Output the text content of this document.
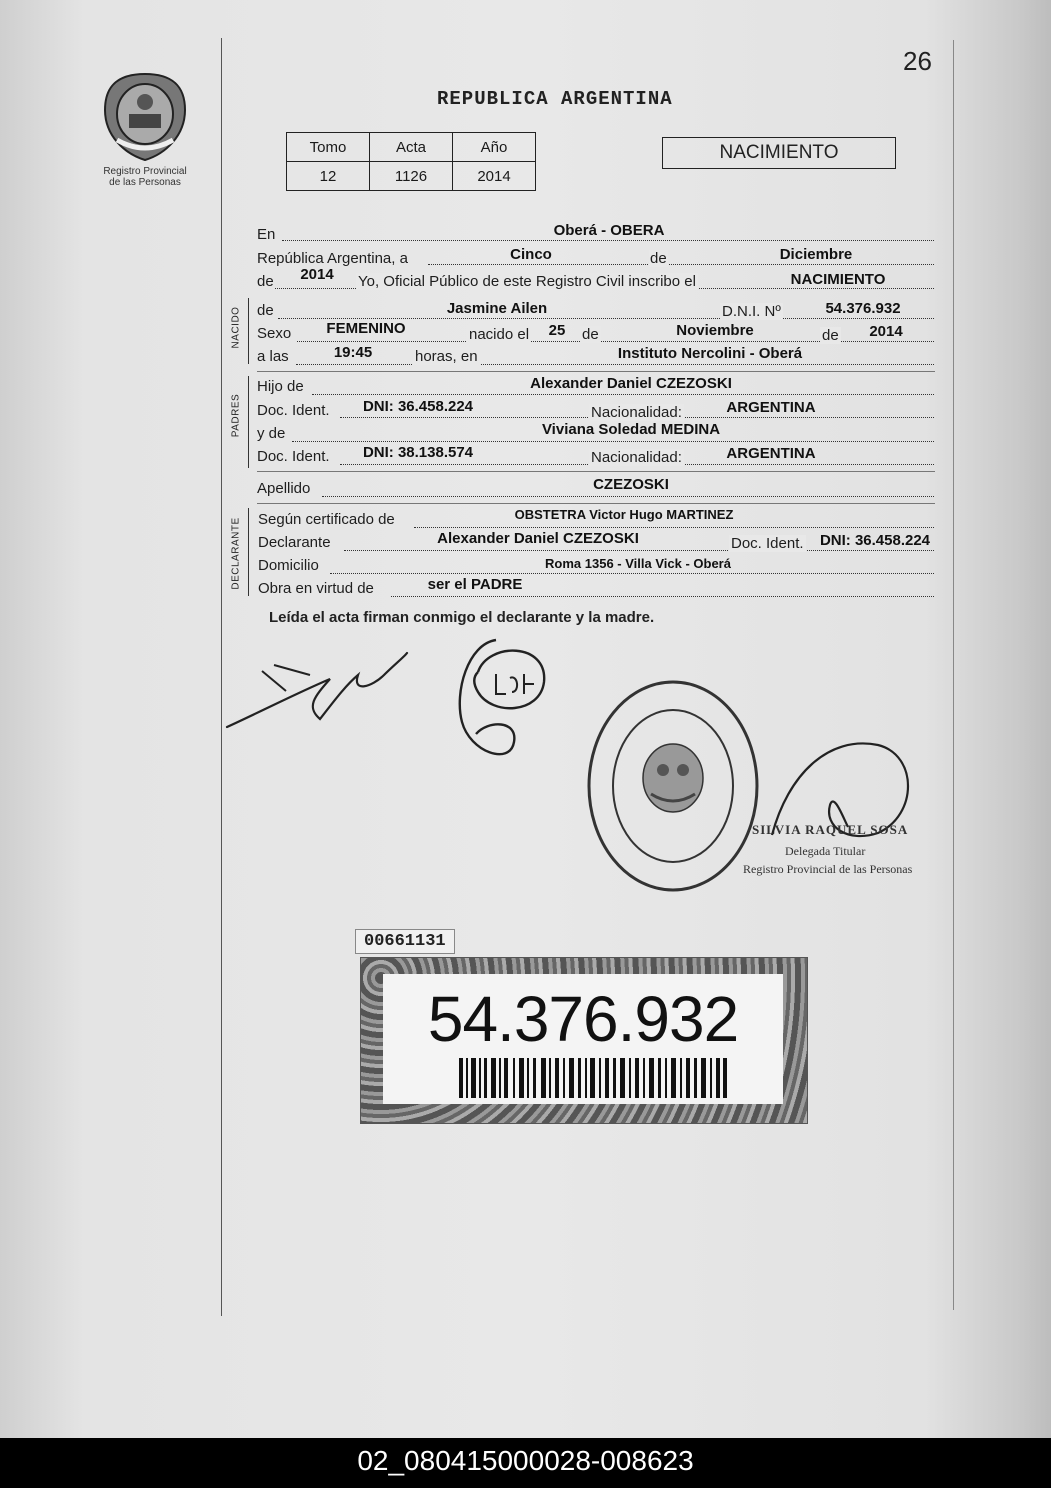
Registro Provincial
de las Personas
26
REPUBLICA ARGENTINA
Tomo	Acta	Año
12	1126	2014
NACIMIENTO
En	Oberá - OBERA
República Argentina, a	Cinco	de	Diciembre
de 2014 Yo, Oficial Público de este Registro Civil inscribo el	NACIMIENTO
NACIDO de	Jasmine Ailen	D.N.I. Nº	54.376.932
Sexo FEMENINO	nacido el 25 de	Noviembre	de 2014
a las	19:45	horas, en	Instituto Nercolini - Oberá
PADRES
Hijo de	Alexander Daniel CZEZOSKI
Doc. Ident. DNI: 36.458.224	Nacionalidad:	ARGENTINA
y de	Viviana Soledad MEDINA
Doc. Ident. DNI: 38.138.574	Nacionalidad:	ARGENTINA
Apellido	CZEZOSKI
DECLARANTE Según certificado de	OBSTETRA Victor Hugo MARTINEZ
Declarante	Alexander Daniel CZEZOSKI	Doc. Ident. DNI: 36.458.224
Domicilio	Roma 1356 - Villa Vick - Oberá
Obra en virtud de	ser el PADRE
Leída el acta firman conmigo el declarante y la madre.
SILVIA RAQUEL SOSA
Delegada Titular
Registro Provincial de las Personas
00661131
54.376.932
02_080415000028-008623
